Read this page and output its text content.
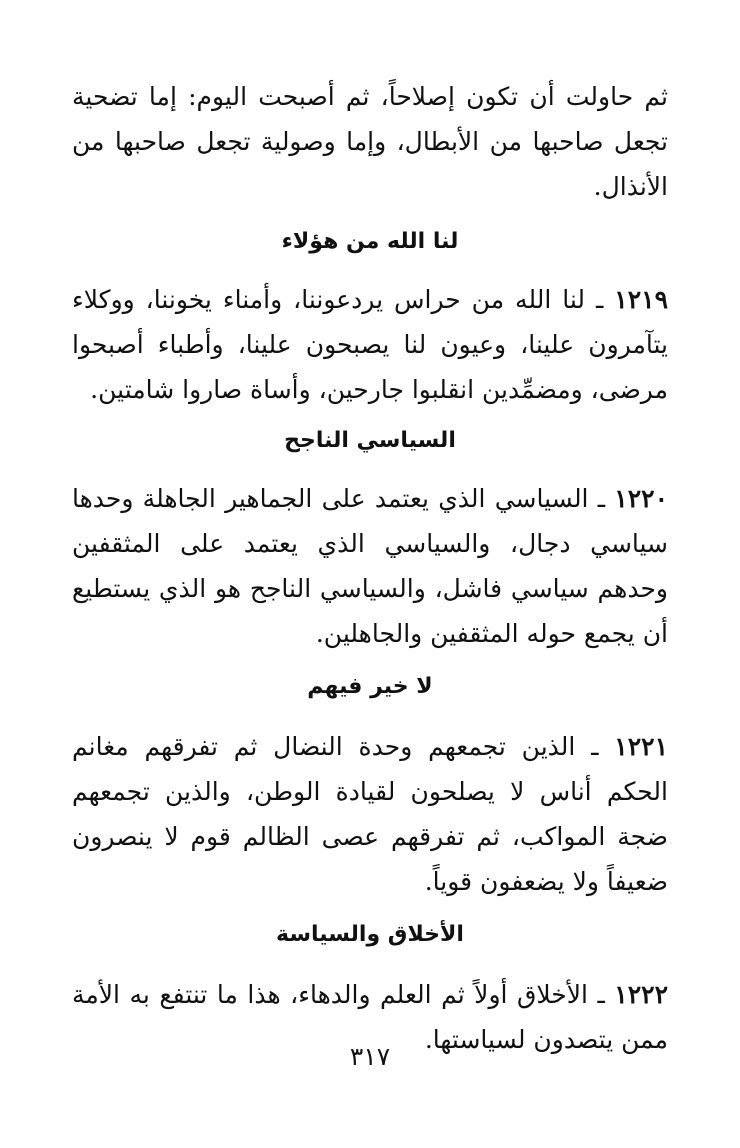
ثم حاولت أن تكون إصلاحاً، ثم أصبحت اليوم: إما تضحية تجعل صاحبها من الأبطال، وإما وصولية تجعل صاحبها من الأنذال.

لنا الله من هؤلاء

١٢١٩ ـ لنا الله من حراس يردعوننا، وأمناء يخوننا، ووكلاء يتآمرون علينا، وعيون لنا يصبحون علينا، وأطباء أصبحوا مرضى، ومضمِّدين انقلبوا جارحين، وأساة صاروا شامتين.

السياسي الناجح

١٢٢٠ ـ السياسي الذي يعتمد على الجماهير الجاهلة وحدها سياسي دجال، والسياسي الذي يعتمد على المثقفين وحدهم سياسي فاشل، والسياسي الناجح هو الذي يستطيع أن يجمع حوله المثقفين والجاهلين.

لا خير فيهم

١٢٢١ ـ الذين تجمعهم وحدة النضال ثم تفرقهم مغانم الحكم أناس لا يصلحون لقيادة الوطن، والذين تجمعهم ضجة المواكب، ثم تفرقهم عصى الظالم قوم لا ينصرون ضعيفاً ولا يضعفون قوياً.

الأخلاق والسياسة

١٢٢٢ ـ الأخلاق أولاً ثم العلم والدهاء، هذا ما تنتفع به الأمة ممن يتصدون لسياستها.

٣١٧
